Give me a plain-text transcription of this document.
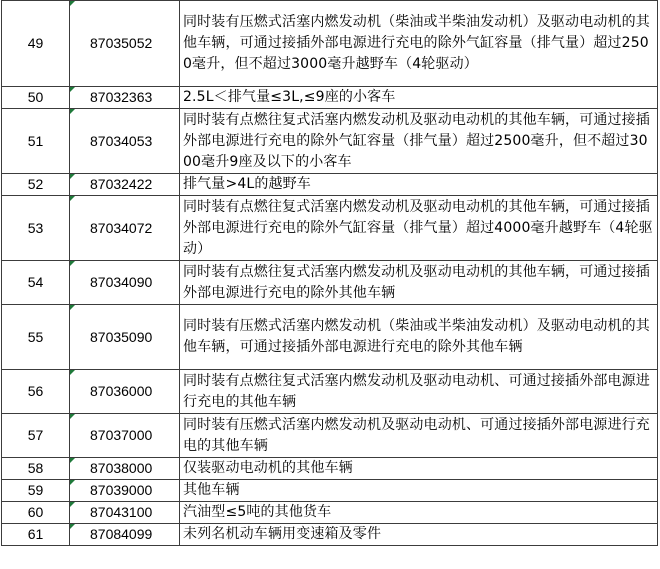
49	87035052	同时装有压燃式活塞内燃发动机（柴油或半柴油发动机）及驱动电动机的其他车辆，可通过接插外部电源进行充电的除外气缸容量（排气量）超过2500毫升，但不超过3000毫升越野车（4轮驱动）
50	87032363	2.5L＜排气量≤3L,≤9座的小客车
51	87034053	同时装有点燃往复式活塞内燃发动机及驱动电动机的其他车辆，可通过接插外部电源进行充电的除外气缸容量（排气量）超过2500毫升，但不超过3000毫升9座及以下的小客车
52	87032422	排气量>4L的越野车
53	87034072	同时装有点燃往复式活塞内燃发动机及驱动电动机的其他车辆，可通过接插外部电源进行充电的除外气缸容量（排气量）超过4000毫升越野车（4轮驱动）
54	87034090	同时装有点燃往复式活塞内燃发动机及驱动电动机的其他车辆，可通过接插外部电源进行充电的除外其他车辆
55	87035090	同时装有压燃式活塞内燃发动机（柴油或半柴油发动机）及驱动电动机的其他车辆，可通过接插外部电源进行充电的除外其他车辆
56	87036000	同时装有点燃往复式活塞内燃发动机及驱动电动机、可通过接插外部电源进行充电的其他车辆
57	87037000	同时装有压燃式活塞内燃发动机及驱动电动机、可通过接插外部电源进行充电的其他车辆
58	87038000	仅装驱动电动机的其他车辆
59	87039000	其他车辆
60	87043100	汽油型≤5吨的其他货车
61	87084099	未列名机动车辆用变速箱及零件
